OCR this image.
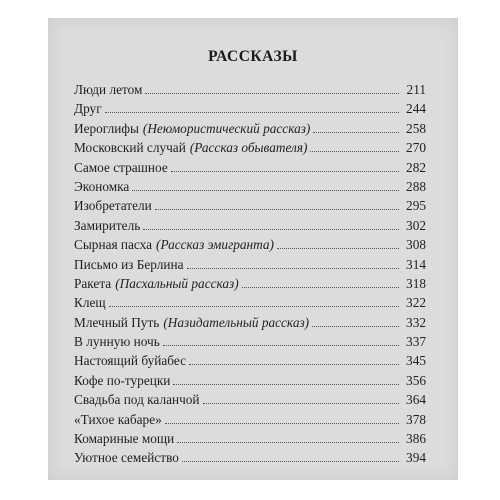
РАССКАЗЫ
Люди летом	211
Друг	244
Иероглифы (Неюмористический рассказ)	258
Московский случай (Рассказ обывателя)	270
Самое страшное	282
Экономка	288
Изобретатели	295
Замиритель	302
Сырная пасха (Рассказ эмигранта)	308
Письмо из Берлина	314
Ракета (Пасхальный рассказ)	318
Клещ	322
Млечный Путь (Назидательный рассказ)	332
В лунную ночь	337
Настоящий буйабес	345
Кофе по-турецки	356
Свадьба под каланчой	364
«Тихое кабаре»	378
Комариные мощи	386
Уютное семейство	394
